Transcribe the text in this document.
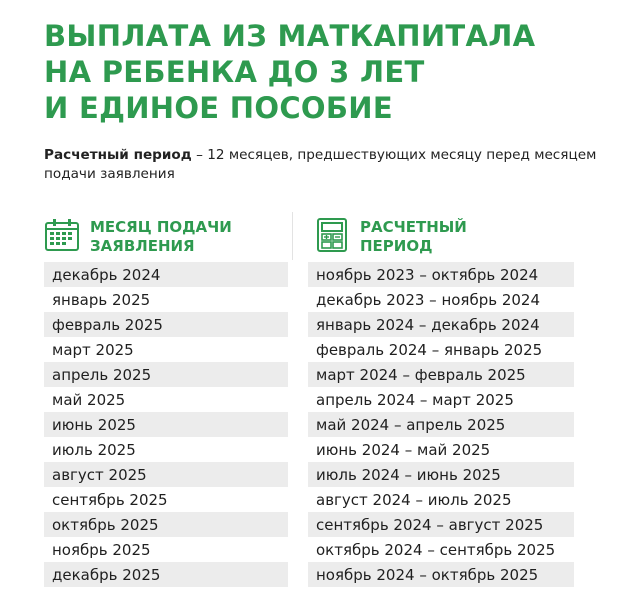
ВЫПЛАТА ИЗ МАТКАПИТАЛА
НА РЕБЕНКА ДО 3 ЛЕТ
И ЕДИНОЕ ПОСОБИЕ
Расчетный период – 12 месяцев, предшествующих месяцу перед месяцем подачи заявления
МЕСЯЦ ПОДАЧИ
ЗАЯВЛЕНИЯ
РАСЧЕТНЫЙ
ПЕРИОД
декабрь 2024	ноябрь 2023 – октябрь 2024
январь 2025	декабрь 2023 – ноябрь 2024
февраль 2025	январь 2024 – декабрь 2024
март 2025	февраль 2024 – январь 2025
апрель 2025	март 2024 – февраль 2025
май 2025	апрель 2024 – март 2025
июнь 2025	май 2024 – апрель 2025
июль 2025	июнь 2024 – май 2025
август 2025	июль 2024 – июнь 2025
сентябрь 2025	август 2024 – июль 2025
октябрь 2025	сентябрь 2024 – август 2025
ноябрь 2025	октябрь 2024 – сентябрь 2025
декабрь 2025	ноябрь 2024 – октябрь 2025
